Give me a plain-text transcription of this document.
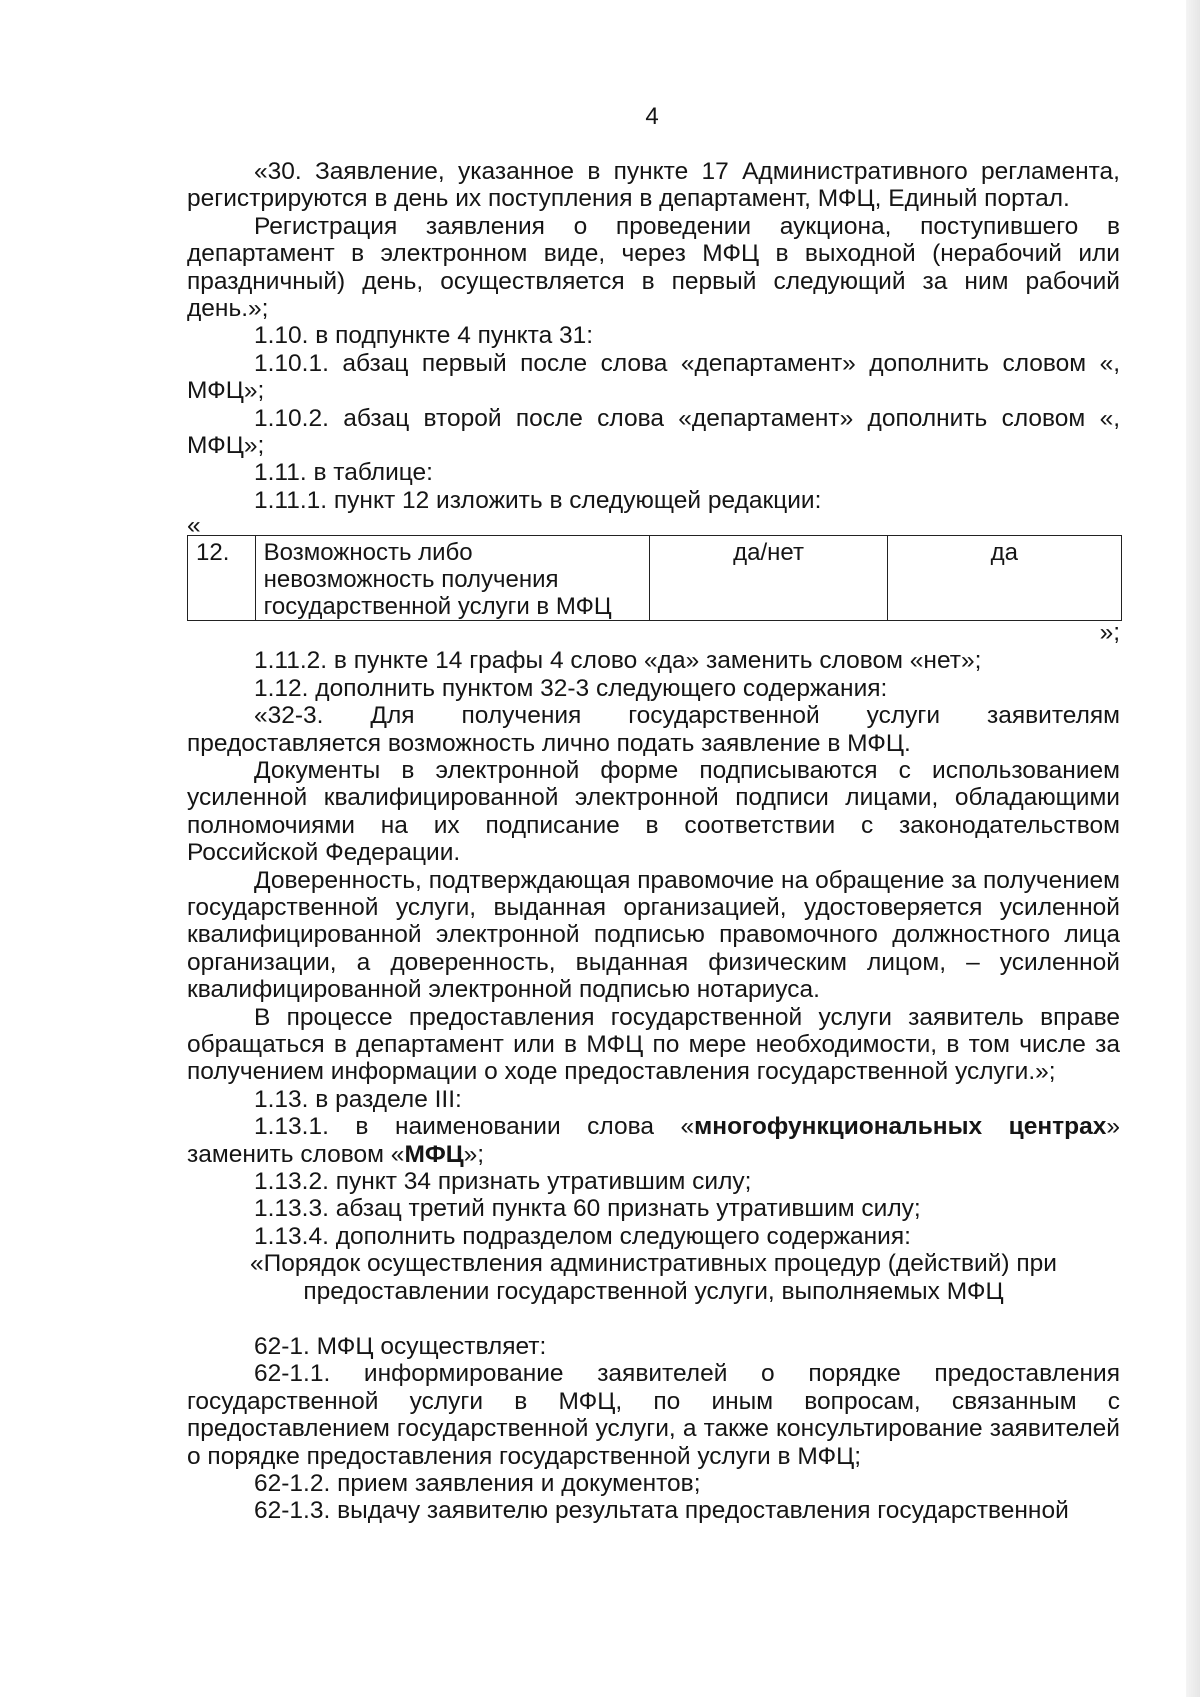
4

«30. Заявление, указанное в пункте 17 Административного регламента, регистрируются в день их поступления в департамент, МФЦ, Единый портал.

Регистрация заявления о проведении аукциона, поступившего в департамент в электронном виде, через МФЦ в выходной (нерабочий или праздничный) день, осуществляется в первый следующий за ним рабочий день.»;

1.10. в подпункте 4 пункта 31:

1.10.1. абзац первый после слова «департамент» дополнить словом «, МФЦ»;

1.10.2. абзац второй после слова «департамент» дополнить словом «, МФЦ»;

1.11. в таблице:

1.11.1. пункт 12 изложить в следующей редакции:

«
12.	Возможность либо невозможность получения государственной услуги в МФЦ	да/нет	да
»;

1.11.2. в пункте 14 графы 4 слово «да» заменить словом «нет»;

1.12. дополнить пунктом 32-3 следующего содержания:

«32-3. Для получения государственной услуги заявителям предоставляется возможность лично подать заявление в МФЦ.

Документы в электронной форме подписываются с использованием усиленной квалифицированной электронной подписи лицами, обладающими полномочиями на их подписание в соответствии с законодательством Российской Федерации.

Доверенность, подтверждающая правомочие на обращение за получением государственной услуги, выданная организацией, удостоверяется усиленной квалифицированной электронной подписью правомочного должностного лица организации, а доверенность, выданная физическим лицом, – усиленной квалифицированной электронной подписью нотариуса.

В процессе предоставления государственной услуги заявитель вправе обращаться в департамент или в МФЦ по мере необходимости, в том числе за получением информации о ходе предоставления государственной услуги.»;

1.13. в разделе III:

1.13.1. в наименовании слова «многофункциональных центрах» заменить словом «МФЦ»;

1.13.2. пункт 34 признать утратившим силу;

1.13.3. абзац третий пункта 60 признать утратившим силу;

1.13.4. дополнить подразделом следующего содержания:

«Порядок осуществления административных процедур (действий) при

предоставлении государственной услуги, выполняемых МФЦ

62-1. МФЦ осуществляет:

62-1.1. информирование заявителей о порядке предоставления государственной услуги в МФЦ, по иным вопросам, связанным с предоставлением государственной услуги, а также консультирование заявителей о порядке предоставления государственной услуги в МФЦ;

62-1.2. прием заявления и документов;

62-1.3. выдачу заявителю результата предоставления государственной
